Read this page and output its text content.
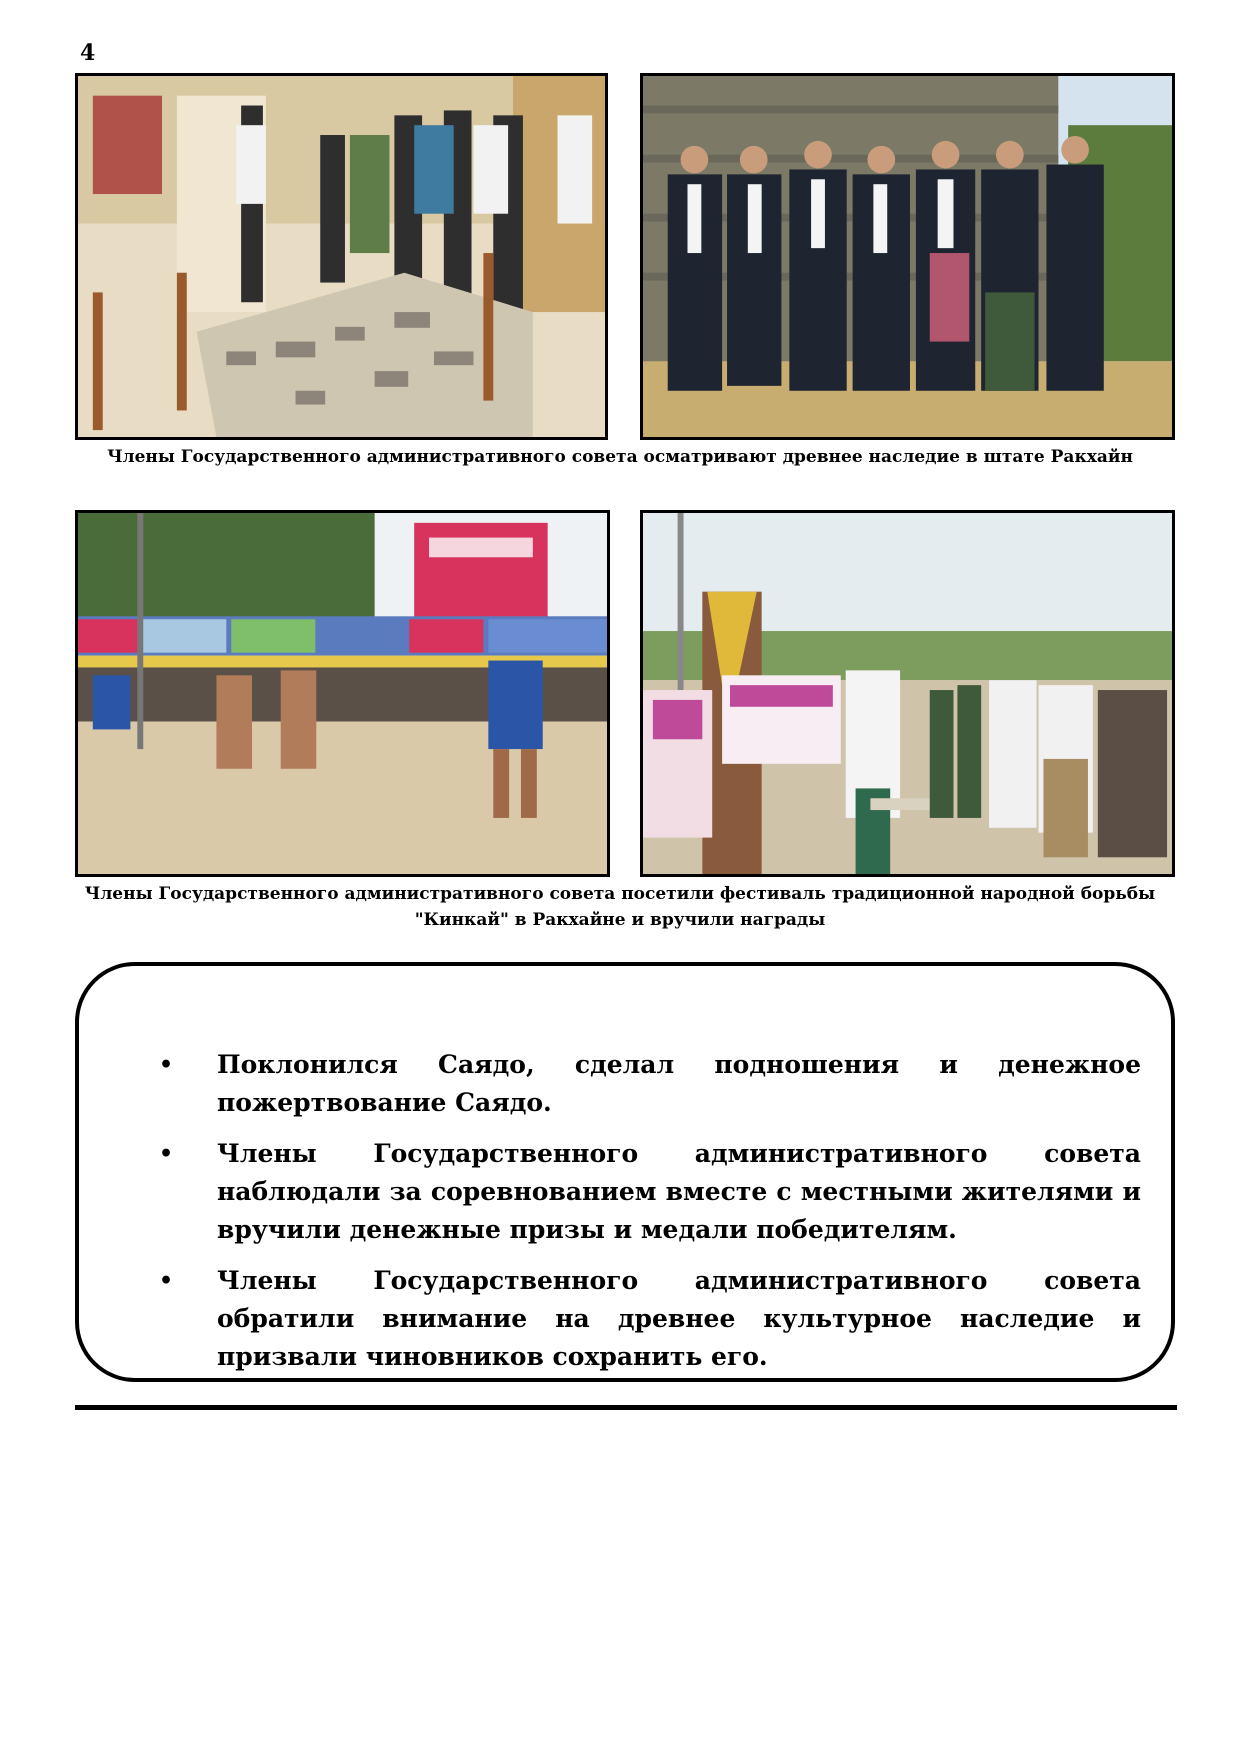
4
Члены Государственного административного совета осматривают древнее наследие в штате Ракхайн
Члены Государственного административного совета посетили фестиваль традиционной народной борьбы
"Кинкай" в Ракхайне и вручили награды
• Поклонился Саядо, сделал подношения и денежное пожертвование Саядо.
• Члены Государственного административного совета наблюдали за соревнованием вместе с местными жителями и вручили денежные призы и медали победителям.
• Члены Государственного административного совета обратили внимание на древнее культурное наследие и призвали чиновников сохранить его.
